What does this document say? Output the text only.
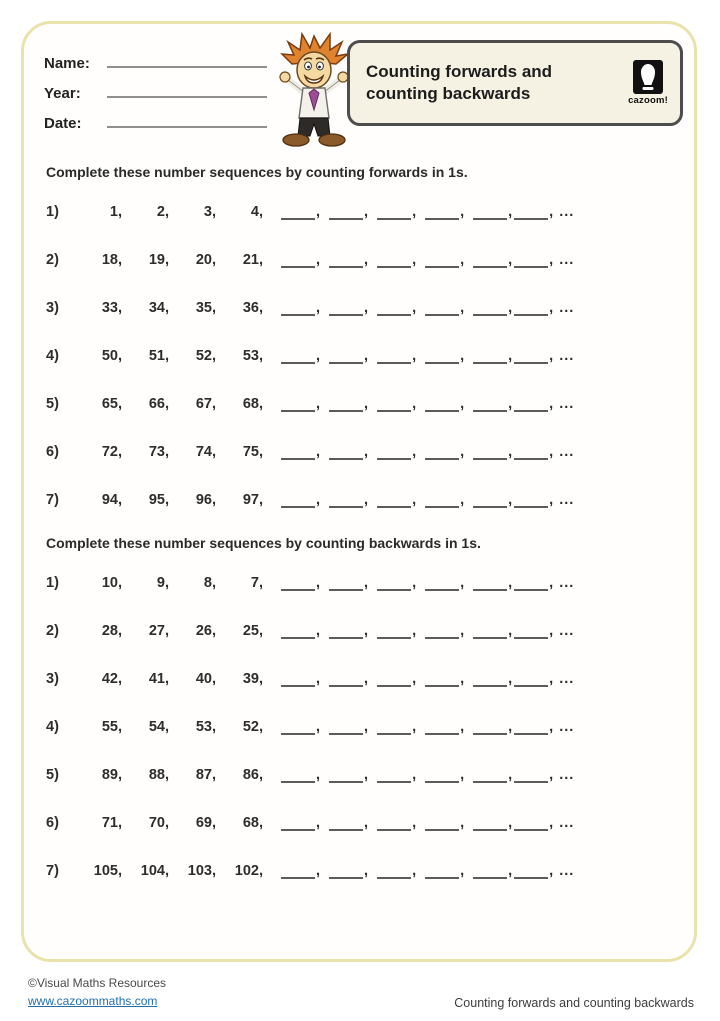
Name:
Year:
Date:
Counting forwards and counting backwards	cazoom!
Complete these number sequences by counting forwards in 1s.
1)	1,	2,	3,	4,	,	,	,	,	,	, ...
2)	18,	19,	20,	21,	,	,	,	,	,	, ...
3)	33,	34,	35,	36,	,	,	,	,	,	, ...
4)	50,	51,	52,	53,	,	,	,	,	,	, ...
5)	65,	66,	67,	68,	,	,	,	,	,	, ...
6)	72,	73,	74,	75,	,	,	,	,	,	, ...
7)	94,	95,	96,	97,	,	,	,	,	,	, ...
Complete these number sequences by counting backwards in 1s.
1)	10,	9,	8,	7,	,	,	,	,	,	, ...
2)	28,	27,	26,	25,	,	,	,	,	,	, ...
3)	42,	41,	40,	39,	,	,	,	,	,	, ...
4)	55,	54,	53,	52,	,	,	,	,	,	, ...
5)	89,	88,	87,	86,	,	,	,	,	,	, ...
6)	71,	70,	69,	68,	,	,	,	,	,	, ...
7)	105,	104,	103,	102,	,	,	,	,	,	, ...
©Visual Maths Resources
www.cazoommaths.com	Counting forwards and counting backwards
